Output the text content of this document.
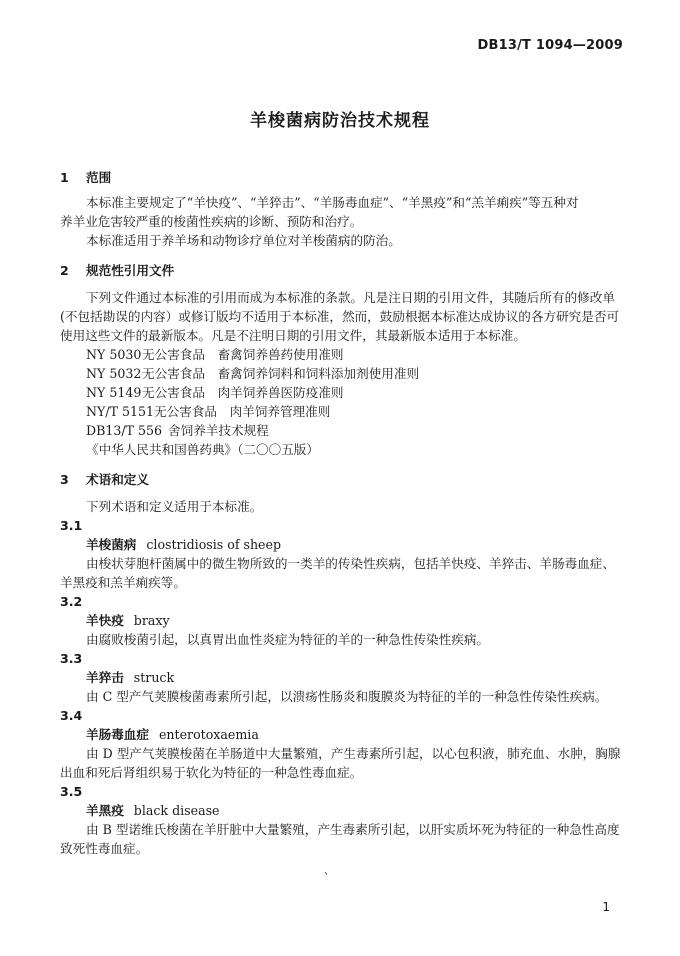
DB13/T 1094—2009
羊梭菌病防治技术规程
1 范围
本标准主要规定了“羊快疫”、“羊猝击”、“羊肠毒血症”、“羊黑疫”和“羔羊痢疾”等五种对
养羊业危害较严重的梭菌性疾病的诊断、预防和治疗。
本标准适用于养羊场和动物诊疗单位对羊梭菌病的防治。
2 规范性引用文件
下列文件通过本标准的引用而成为本标准的条款。凡是注日期的引用文件，其随后所有的修改单
(不包括勘误的内容）或修订版均不适用于本标准，然而，鼓励根据本标准达成协议的各方研究是否可
使用这些文件的最新版本。凡是不注明日期的引用文件，其最新版本适用于本标准。
NY 5030无公害食品　畜禽饲养兽药使用准则
NY 5032无公害食品　畜禽饲养饲料和饲料添加剂使用准则
NY 5149无公害食品　肉羊饲养兽医防疫准则
NY/T 5151无公害食品　肉羊饲养管理准则
DB13/T 556 舍饲养羊技术规程
《中华人民共和国兽药典》（二〇〇五版）
3 术语和定义
下列术语和定义适用于本标准。
3.1
羊梭菌病 clostridiosis of sheep
由梭状芽胞杆菌属中的微生物所致的一类羊的传染性疾病，包括羊快疫、羊猝击、羊肠毒血症、
羊黑疫和羔羊痢疾等。
3.2
羊快疫 braxy
由腐败梭菌引起，以真胃出血性炎症为特征的羊的一种急性传染性疾病。
3.3
羊猝击 struck
由 C 型产气荚膜梭菌毒素所引起，以溃疡性肠炎和腹膜炎为特征的羊的一种急性传染性疾病。
3.4
羊肠毒血症 enterotoxaemia
由 D 型产气荚膜梭菌在羊肠道中大量繁殖，产生毒素所引起，以心包积液，肺充血、水肿，胸腺
出血和死后肾组织易于软化为特征的一种急性毒血症。
3.5
羊黑疫 black disease
由 B 型诺维氏梭菌在羊肝脏中大量繁殖，产生毒素所引起，以肝实质坏死为特征的一种急性高度
致死性毒血症。
、
1
